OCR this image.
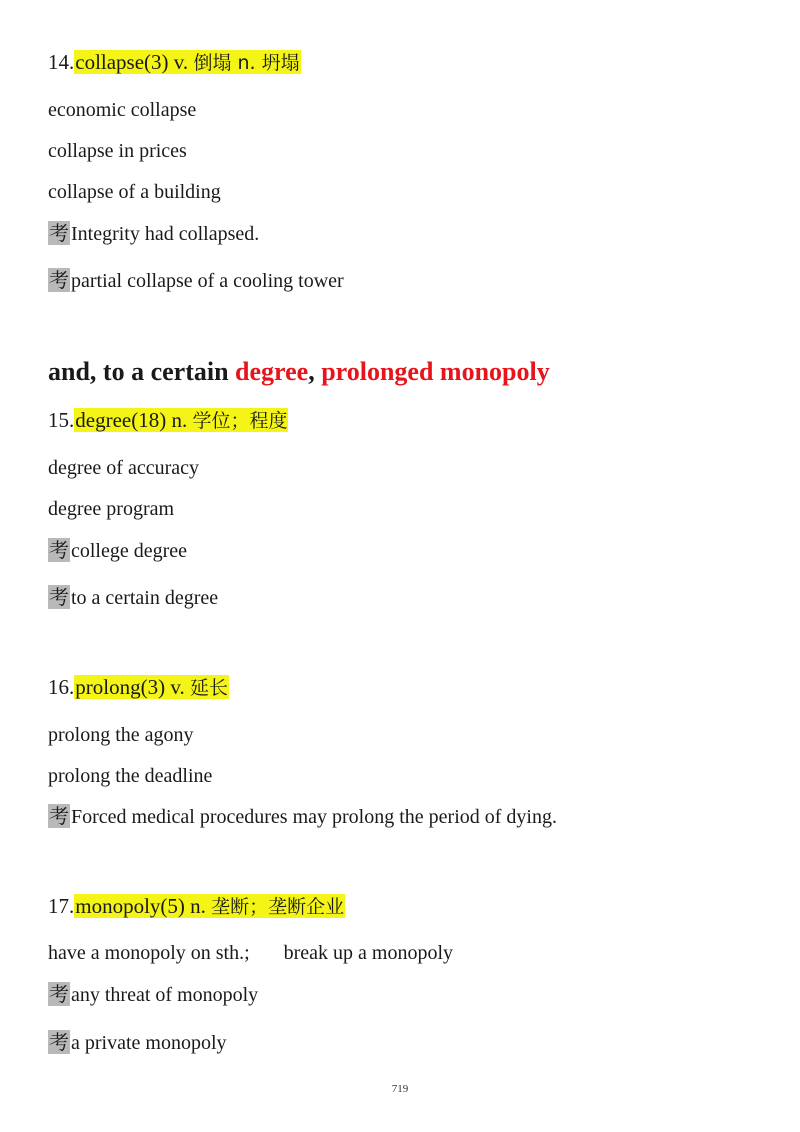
14.collapse(3) v. 倒塌 n. 坍塌
economic collapse
collapse in prices
collapse of a building
考 Integrity had collapsed.
考 partial collapse of a cooling tower
and, to a certain degree, prolonged monopoly
15.degree(18) n. 学位；程度
degree of accuracy
degree program
考 college degree
考 to a certain degree
16.prolong(3) v. 延长
prolong the agony
prolong the deadline
考 Forced medical procedures may prolong the period of dying.
17.monopoly(5) n. 垄断；垄断企业
have a monopoly on sth.; break up a monopoly
考 any threat of monopoly
考 a private monopoly
719
